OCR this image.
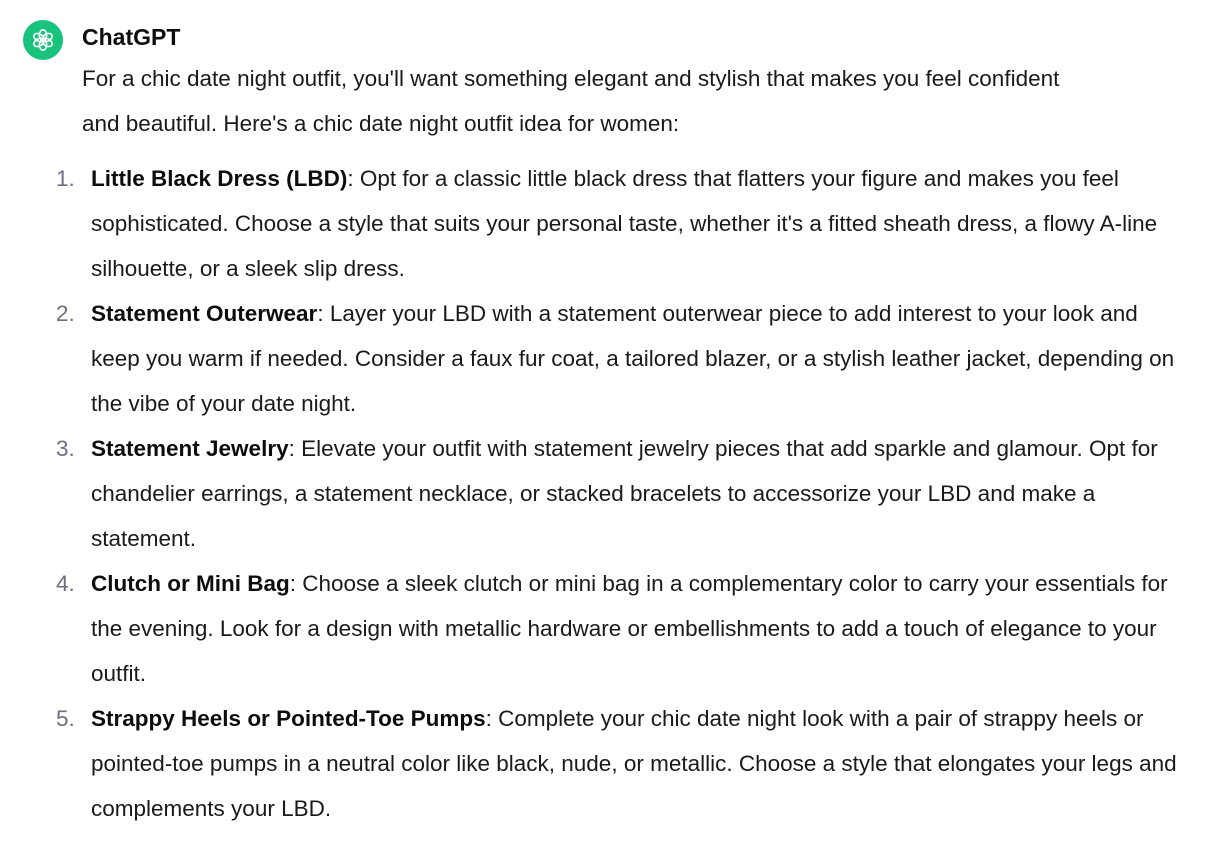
ChatGPT

For a chic date night outfit, you'll want something elegant and stylish that makes you feel confident and beautiful. Here's a chic date night outfit idea for women:

1. Little Black Dress (LBD): Opt for a classic little black dress that flatters your figure and makes you feel sophisticated. Choose a style that suits your personal taste, whether it's a fitted sheath dress, a flowy A-line silhouette, or a sleek slip dress.
2. Statement Outerwear: Layer your LBD with a statement outerwear piece to add interest to your look and keep you warm if needed. Consider a faux fur coat, a tailored blazer, or a stylish leather jacket, depending on the vibe of your date night.
3. Statement Jewelry: Elevate your outfit with statement jewelry pieces that add sparkle and glamour. Opt for chandelier earrings, a statement necklace, or stacked bracelets to accessorize your LBD and make a statement.
4. Clutch or Mini Bag: Choose a sleek clutch or mini bag in a complementary color to carry your essentials for the evening. Look for a design with metallic hardware or embellishments to add a touch of elegance to your outfit.
5. Strappy Heels or Pointed-Toe Pumps: Complete your chic date night look with a pair of strappy heels or pointed-toe pumps in a neutral color like black, nude, or metallic. Choose a style that elongates your legs and complements your LBD.
